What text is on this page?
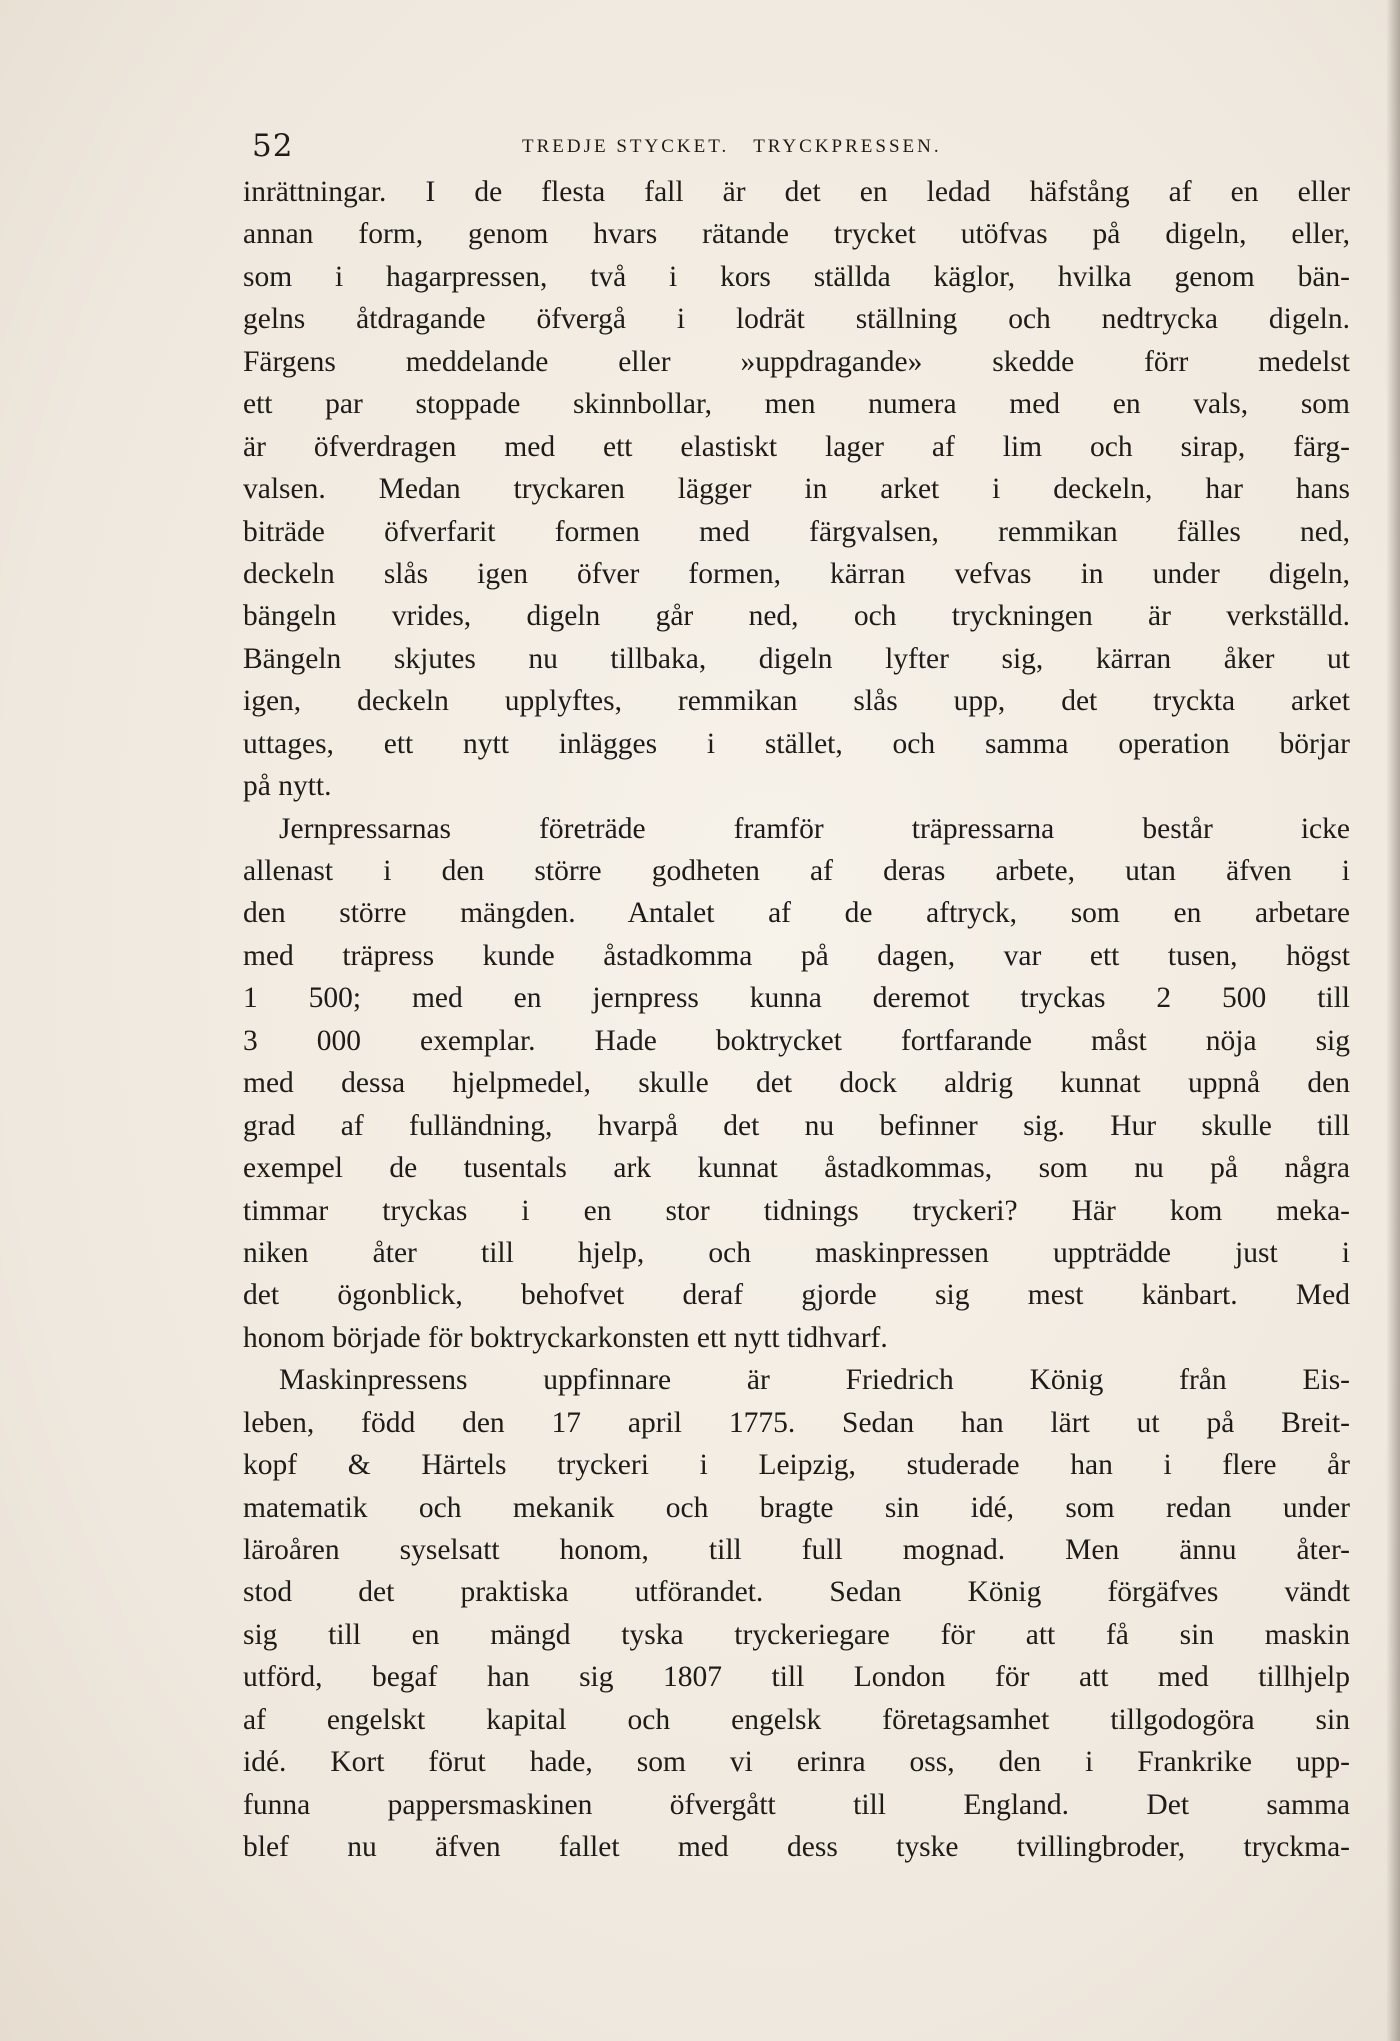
52	TREDJE STYCKET. TRYCKPRESSEN.
inrättningar. I de flesta fall är det en ledad häfstång af en eller
annan form, genom hvars rätande trycket utöfvas på digeln, eller,
som i hagarpressen, två i kors ställda käglor, hvilka genom bän-
gelns åtdragande öfvergå i lodrät ställning och nedtrycka digeln.
Färgens meddelande eller »uppdragande» skedde förr medelst
ett par stoppade skinnbollar, men numera med en vals, som
är öfverdragen med ett elastiskt lager af lim och sirap, färg-
valsen. Medan tryckaren lägger in arket i deckeln, har hans
biträde öfverfarit formen med färgvalsen, remmikan fälles ned,
deckeln slås igen öfver formen, kärran vefvas in under digeln,
bängeln vrides, digeln går ned, och tryckningen är verkställd.
Bängeln skjutes nu tillbaka, digeln lyfter sig, kärran åker ut
igen, deckeln upplyftes, remmikan slås upp, det tryckta arket
uttages, ett nytt inlägges i stället, och samma operation börjar
på nytt.
Jernpressarnas företräde framför träpressarna består icke
allenast i den större godheten af deras arbete, utan äfven i
den större mängden. Antalet af de aftryck, som en arbetare
med träpress kunde åstadkomma på dagen, var ett tusen, högst
1 500; med en jernpress kunna deremot tryckas 2 500 till
3 000 exemplar. Hade boktrycket fortfarande måst nöja sig
med dessa hjelpmedel, skulle det dock aldrig kunnat uppnå den
grad af fulländning, hvarpå det nu befinner sig. Hur skulle till
exempel de tusentals ark kunnat åstadkommas, som nu på några
timmar tryckas i en stor tidnings tryckeri? Här kom meka-
niken åter till hjelp, och maskinpressen uppträdde just i
det ögonblick, behofvet deraf gjorde sig mest känbart. Med
honom började för boktryckarkonsten ett nytt tidhvarf.
Maskinpressens uppfinnare är Friedrich König från Eis-
leben, född den 17 april 1775. Sedan han lärt ut på Breit-
kopf & Härtels tryckeri i Leipzig, studerade han i flere år
matematik och mekanik och bragte sin idé, som redan under
läroåren syselsatt honom, till full mognad. Men ännu åter-
stod det praktiska utförandet. Sedan König förgäfves vändt
sig till en mängd tyska tryckeriegare för att få sin maskin
utförd, begaf han sig 1807 till London för att med tillhjelp
af engelskt kapital och engelsk företagsamhet tillgodogöra sin
idé. Kort förut hade, som vi erinra oss, den i Frankrike upp-
funna pappersmaskinen öfvergått till England. Det samma
blef nu äfven fallet med dess tyske tvillingbroder, tryckma-
